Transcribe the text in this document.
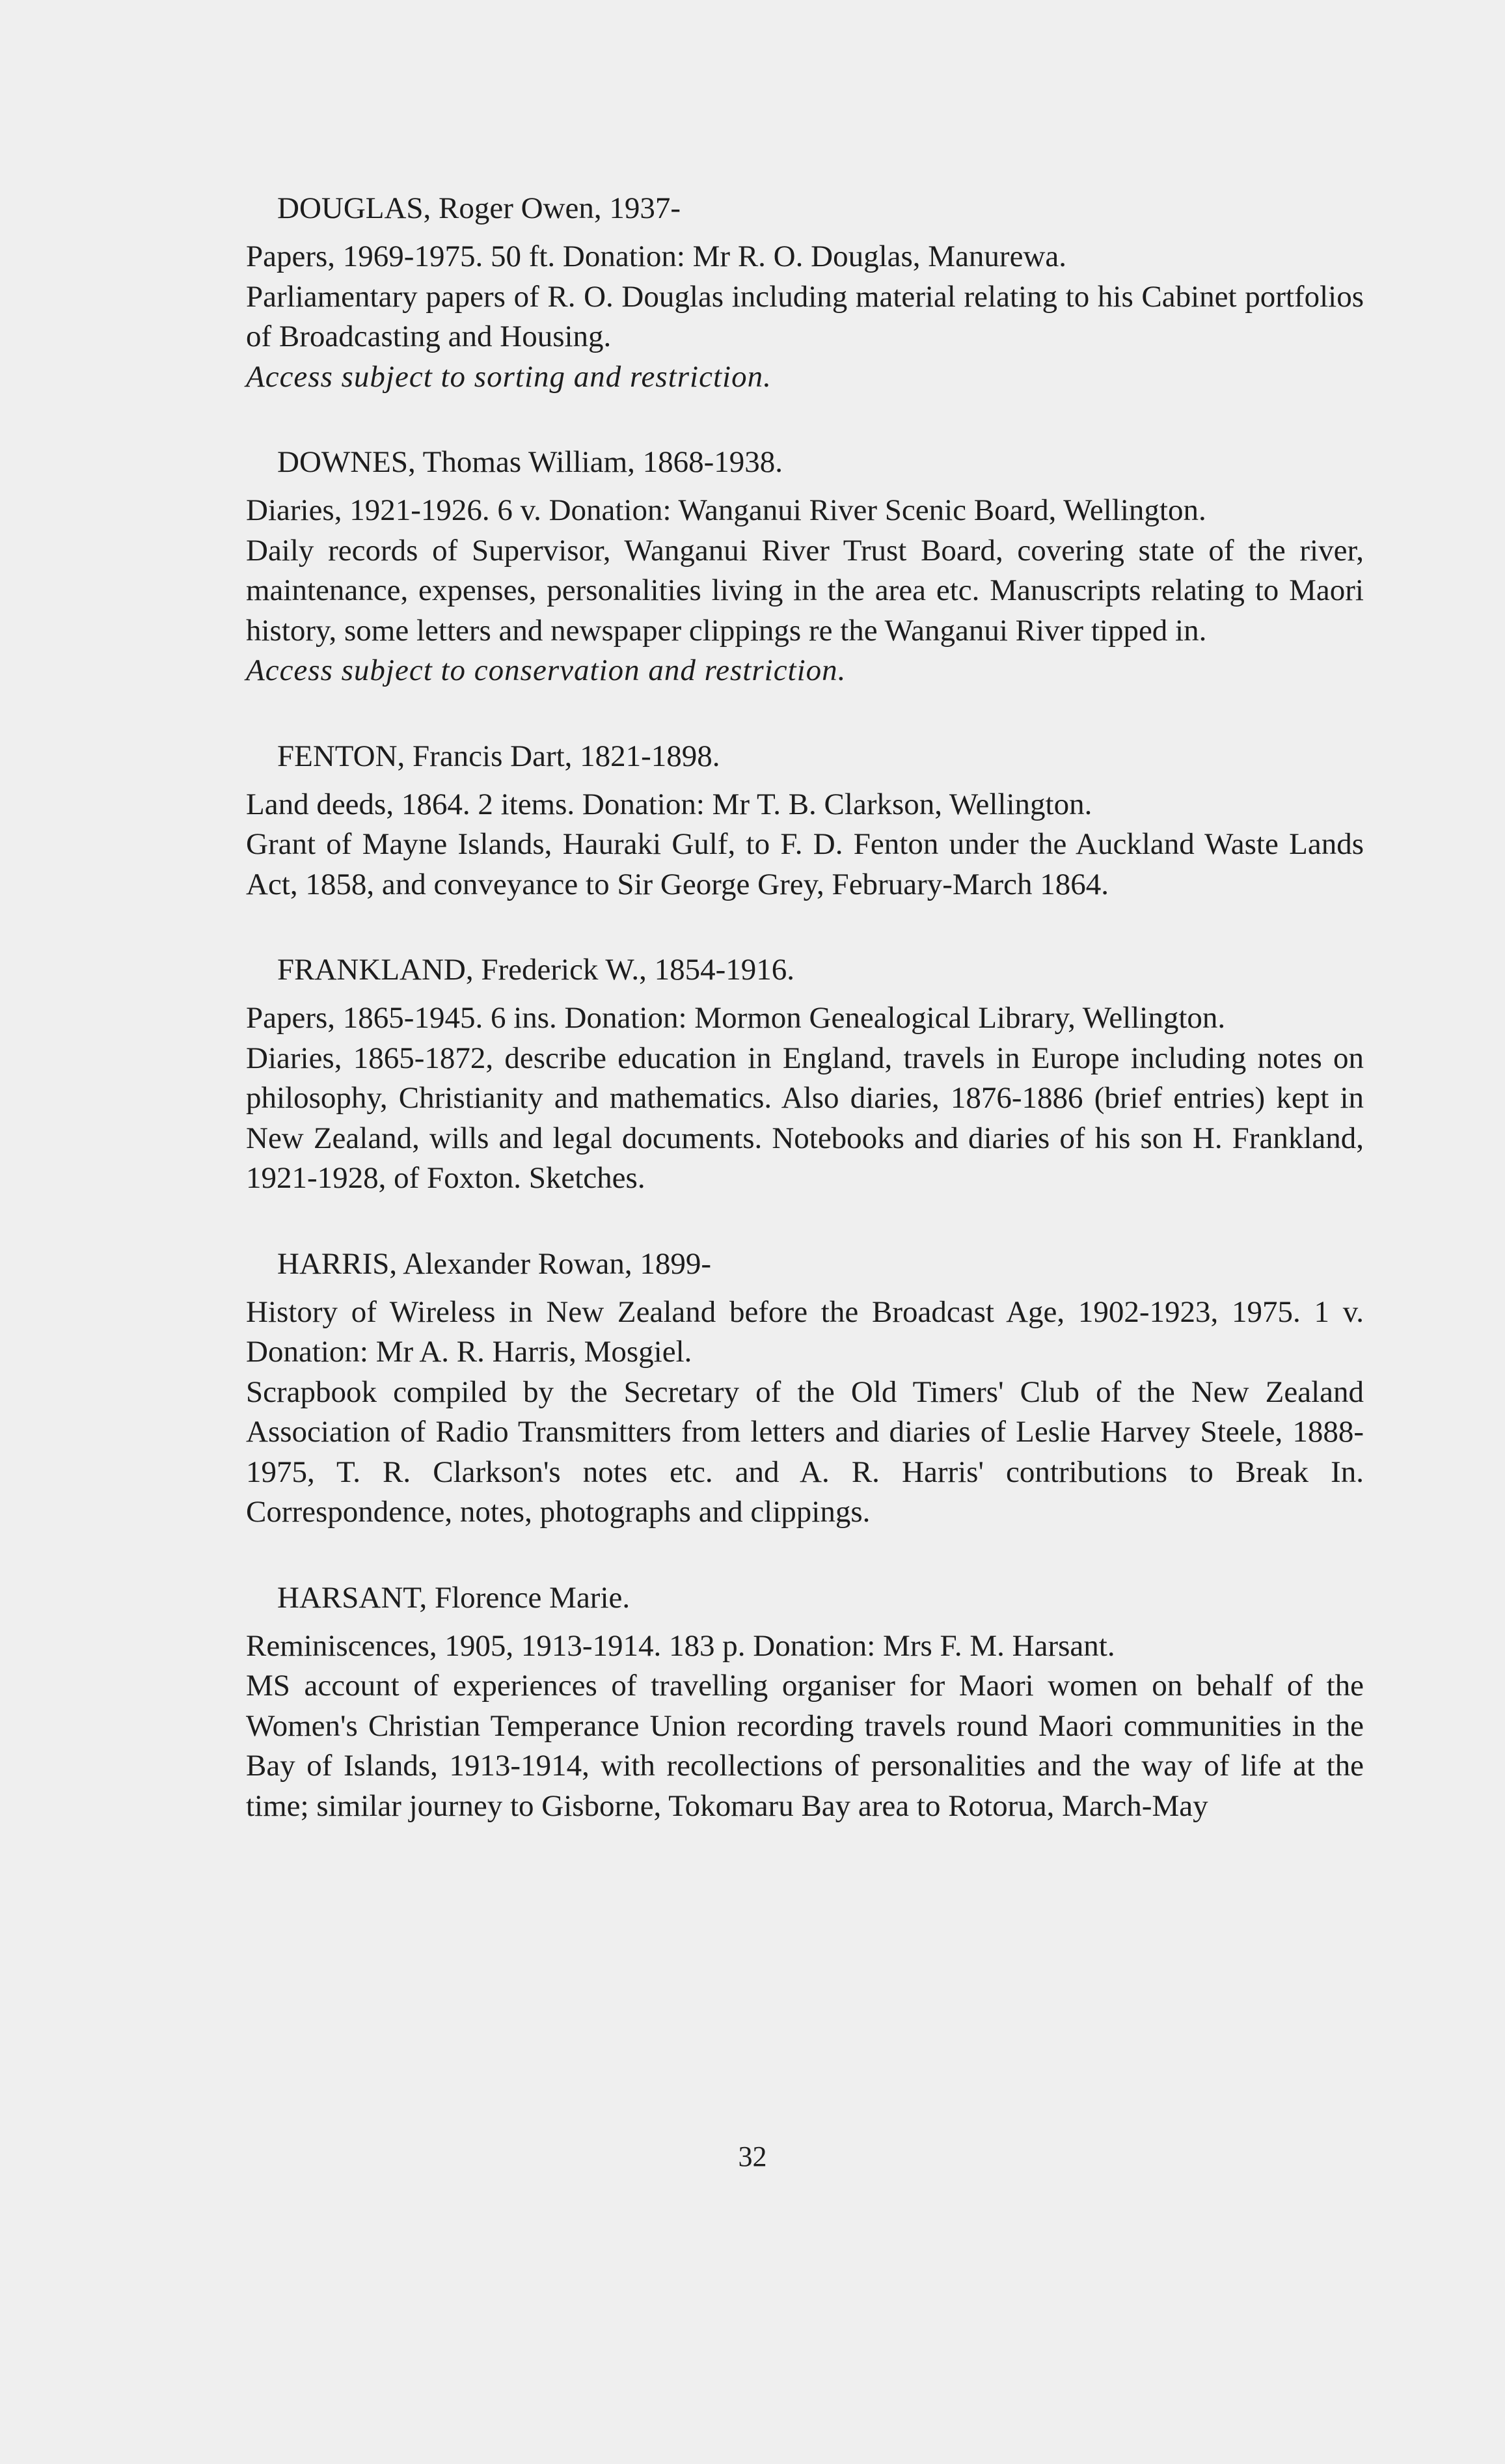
DOUGLAS, Roger Owen, 1937-

Papers, 1969-1975. 50 ft. Donation: Mr R. O. Douglas, Manurewa.

Parliamentary papers of R. O. Douglas including material relating to his Cabinet portfolios of Broadcasting and Housing.

Access subject to sorting and restriction.

DOWNES, Thomas William, 1868-1938.

Diaries, 1921-1926. 6 v. Donation: Wanganui River Scenic Board, Wellington.

Daily records of Supervisor, Wanganui River Trust Board, covering state of the river, maintenance, expenses, personalities living in the area etc. Manuscripts relating to Maori history, some letters and newspaper clippings re the Wanganui River tipped in.

Access subject to conservation and restriction.

FENTON, Francis Dart, 1821-1898.

Land deeds, 1864. 2 items. Donation: Mr T. B. Clarkson, Wellington.

Grant of Mayne Islands, Hauraki Gulf, to F. D. Fenton under the Auckland Waste Lands Act, 1858, and conveyance to Sir George Grey, February-March 1864.

FRANKLAND, Frederick W., 1854-1916.

Papers, 1865-1945. 6 ins. Donation: Mormon Genealogical Library, Wellington.

Diaries, 1865-1872, describe education in England, travels in Europe including notes on philosophy, Christianity and mathematics. Also diaries, 1876-1886 (brief entries) kept in New Zealand, wills and legal documents. Notebooks and diaries of his son H. Frankland, 1921-1928, of Foxton. Sketches.

HARRIS, Alexander Rowan, 1899-

History of Wireless in New Zealand before the Broadcast Age, 1902-1923, 1975. 1 v. Donation: Mr A. R. Harris, Mosgiel.

Scrapbook compiled by the Secretary of the Old Timers' Club of the New Zealand Association of Radio Transmitters from letters and diaries of Leslie Harvey Steele, 1888-1975, T. R. Clarkson's notes etc. and A. R. Harris' contributions to Break In. Correspondence, notes, photographs and clippings.

HARSANT, Florence Marie.

Reminiscences, 1905, 1913-1914. 183 p. Donation: Mrs F. M. Harsant.

MS account of experiences of travelling organiser for Maori women on behalf of the Women's Christian Temperance Union recording travels round Maori communities in the Bay of Islands, 1913-1914, with recollections of personalities and the way of life at the time; similar journey to Gisborne, Tokomaru Bay area to Rotorua, March-May

32
